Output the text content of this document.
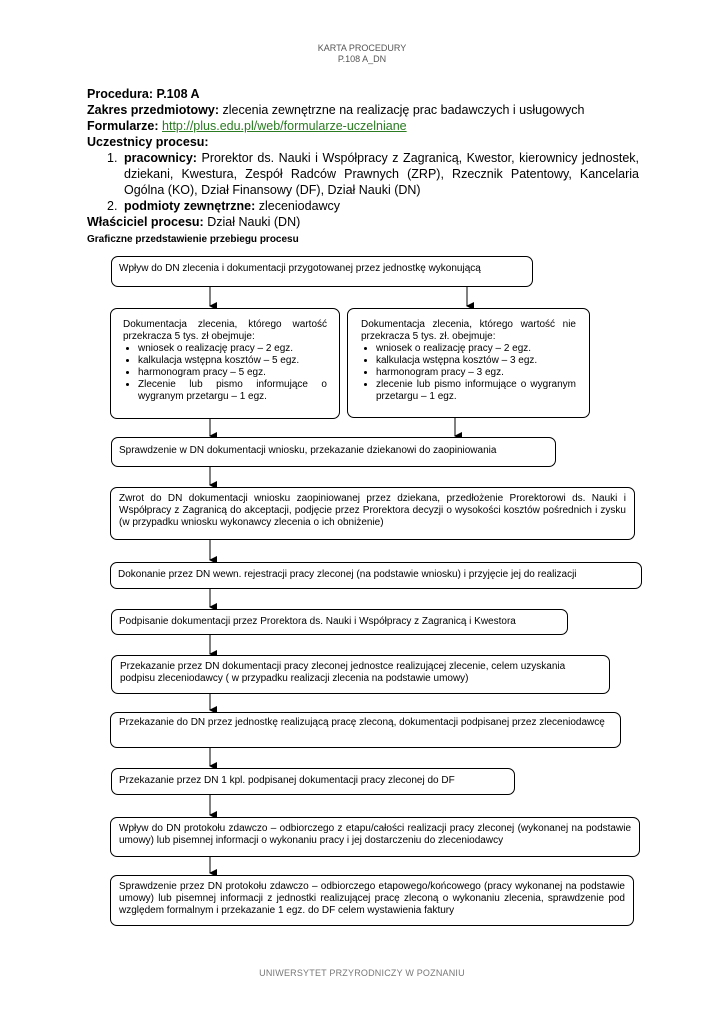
KARTA PROCEDURY
P.108 A_DN
Procedura: P.108 A
Zakres przedmiotowy: zlecenia zewnętrzne na realizację prac badawczych i usługowych
Formularze: http://plus.edu.pl/web/formularze-uczelniane
Uczestnicy procesu:
1. pracownicy: Prorektor ds. Nauki i Współpracy z Zagranicą, Kwestor, kierownicy jednostek, dziekani, Kwestura, Zespół Radców Prawnych (ZRP), Rzecznik Patentowy, Kancelaria Ogólna (KO), Dział Finansowy (DF), Dział Nauki (DN)
2. podmioty zewnętrzne: zleceniodawcy
Właściciel procesu: Dział Nauki (DN)
Graficzne przedstawienie przebiegu procesu
Wpływ do DN zlecenia i dokumentacji przygotowanej przez jednostkę wykonującą
Dokumentacja zlecenia, którego wartość przekracza 5 tys. zł obejmuje:
• wniosek o realizację pracy – 2 egz.
• kalkulacja wstępna kosztów – 5 egz.
• harmonogram pracy – 5 egz.
• Zlecenie lub pismo informujące o wygranym przetargu – 1 egz.
Dokumentacja zlecenia, którego wartość nie przekracza 5 tys. zł. obejmuje:
• wniosek o realizację pracy – 2 egz.
• kalkulacja wstępna kosztów – 3 egz.
• harmonogram pracy – 3 egz.
• zlecenie lub pismo informujące o wygranym przetargu – 1 egz.
Sprawdzenie w DN dokumentacji wniosku, przekazanie dziekanowi do zaopiniowania
Zwrot do DN dokumentacji wniosku zaopiniowanej przez dziekana, przedłożenie Prorektorowi ds. Nauki i Współpracy z Zagranicą do akceptacji, podjęcie przez Prorektora decyzji o wysokości kosztów pośrednich i zysku (w przypadku wniosku wykonawcy zlecenia o ich obniżenie)
Dokonanie przez DN wewn. rejestracji pracy zleconej (na podstawie wniosku) i przyjęcie jej do realizacji
Podpisanie dokumentacji przez Prorektora ds. Nauki i Współpracy z Zagranicą i Kwestora
Przekazanie przez DN dokumentacji pracy zleconej jednostce realizującej zlecenie, celem uzyskania podpisu zleceniodawcy ( w przypadku realizacji zlecenia na podstawie umowy)
Przekazanie do DN przez jednostkę realizującą pracę zleconą, dokumentacji podpisanej przez zleceniodawcę
Przekazanie przez DN 1 kpl. podpisanej dokumentacji pracy zleconej do DF
Wpływ do DN protokołu zdawczo – odbiorczego z etapu/całości realizacji pracy zleconej (wykonanej na podstawie umowy) lub pisemnej informacji o wykonaniu pracy i jej dostarczeniu do zleceniodawcy
Sprawdzenie przez DN protokołu zdawczo – odbiorczego etapowego/końcowego (pracy wykonanej na podstawie umowy) lub pisemnej informacji z jednostki realizującej pracę zleconą o wykonaniu zlecenia, sprawdzenie pod względem formalnym i przekazanie 1 egz. do DF celem wystawienia faktury
UNIWERSYTET PRZYRODNICZY W POZNANIU
